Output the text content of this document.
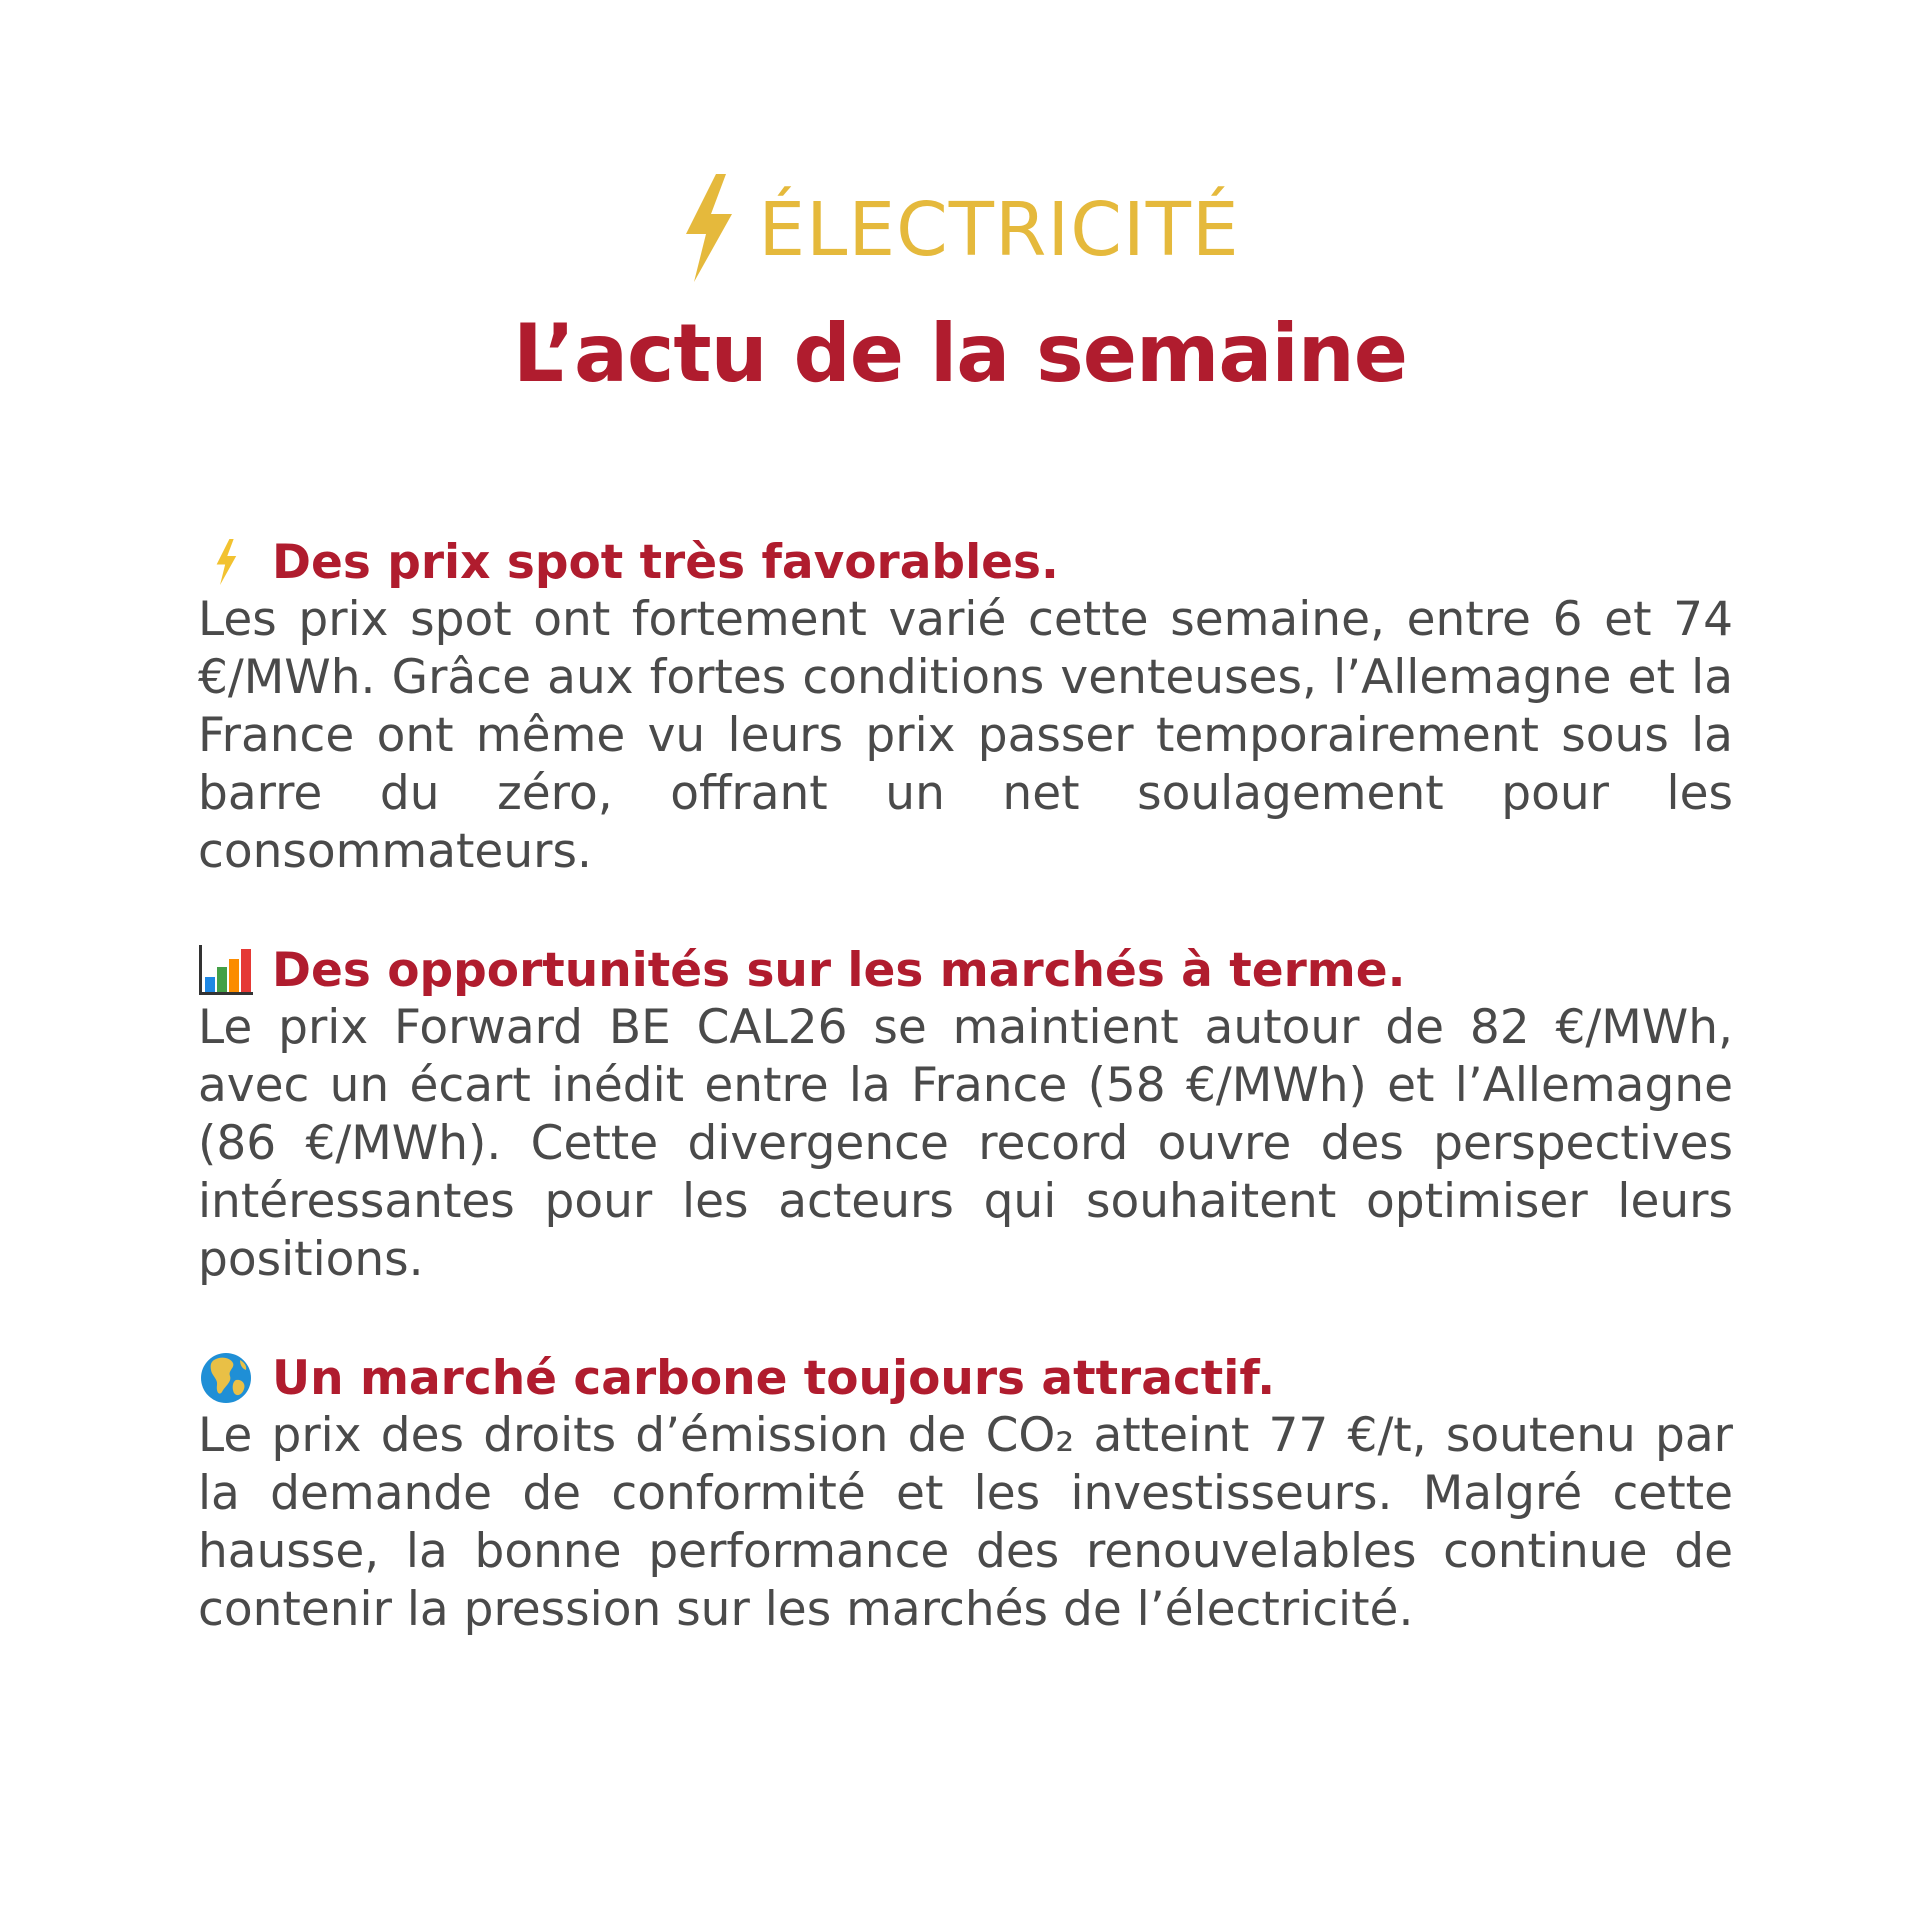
ÉLECTRICITÉ
L’actu de la semaine
Des prix spot très favorables.

Les prix spot ont fortement varié cette semaine, entre 6 et 74 €/MWh. Grâce aux fortes conditions venteuses, l’Allemagne et la France ont même vu leurs prix passer temporairement sous la barre du zéro, offrant un net soulagement pour les consommateurs.

Des opportunités sur les marchés à terme.

Le prix Forward BE CAL26 se maintient autour de 82 €/MWh, avec un écart inédit entre la France (58 €/MWh) et l’Allemagne (86 €/MWh). Cette divergence record ouvre des perspectives intéressantes pour les acteurs qui souhaitent optimiser leurs positions.

Un marché carbone toujours attractif.

Le prix des droits d’émission de CO₂ atteint 77 €/t, soutenu par la demande de conformité et les investisseurs. Malgré cette hausse, la bonne performance des renouvelables continue de contenir la pression sur les marchés de l’électricité.
